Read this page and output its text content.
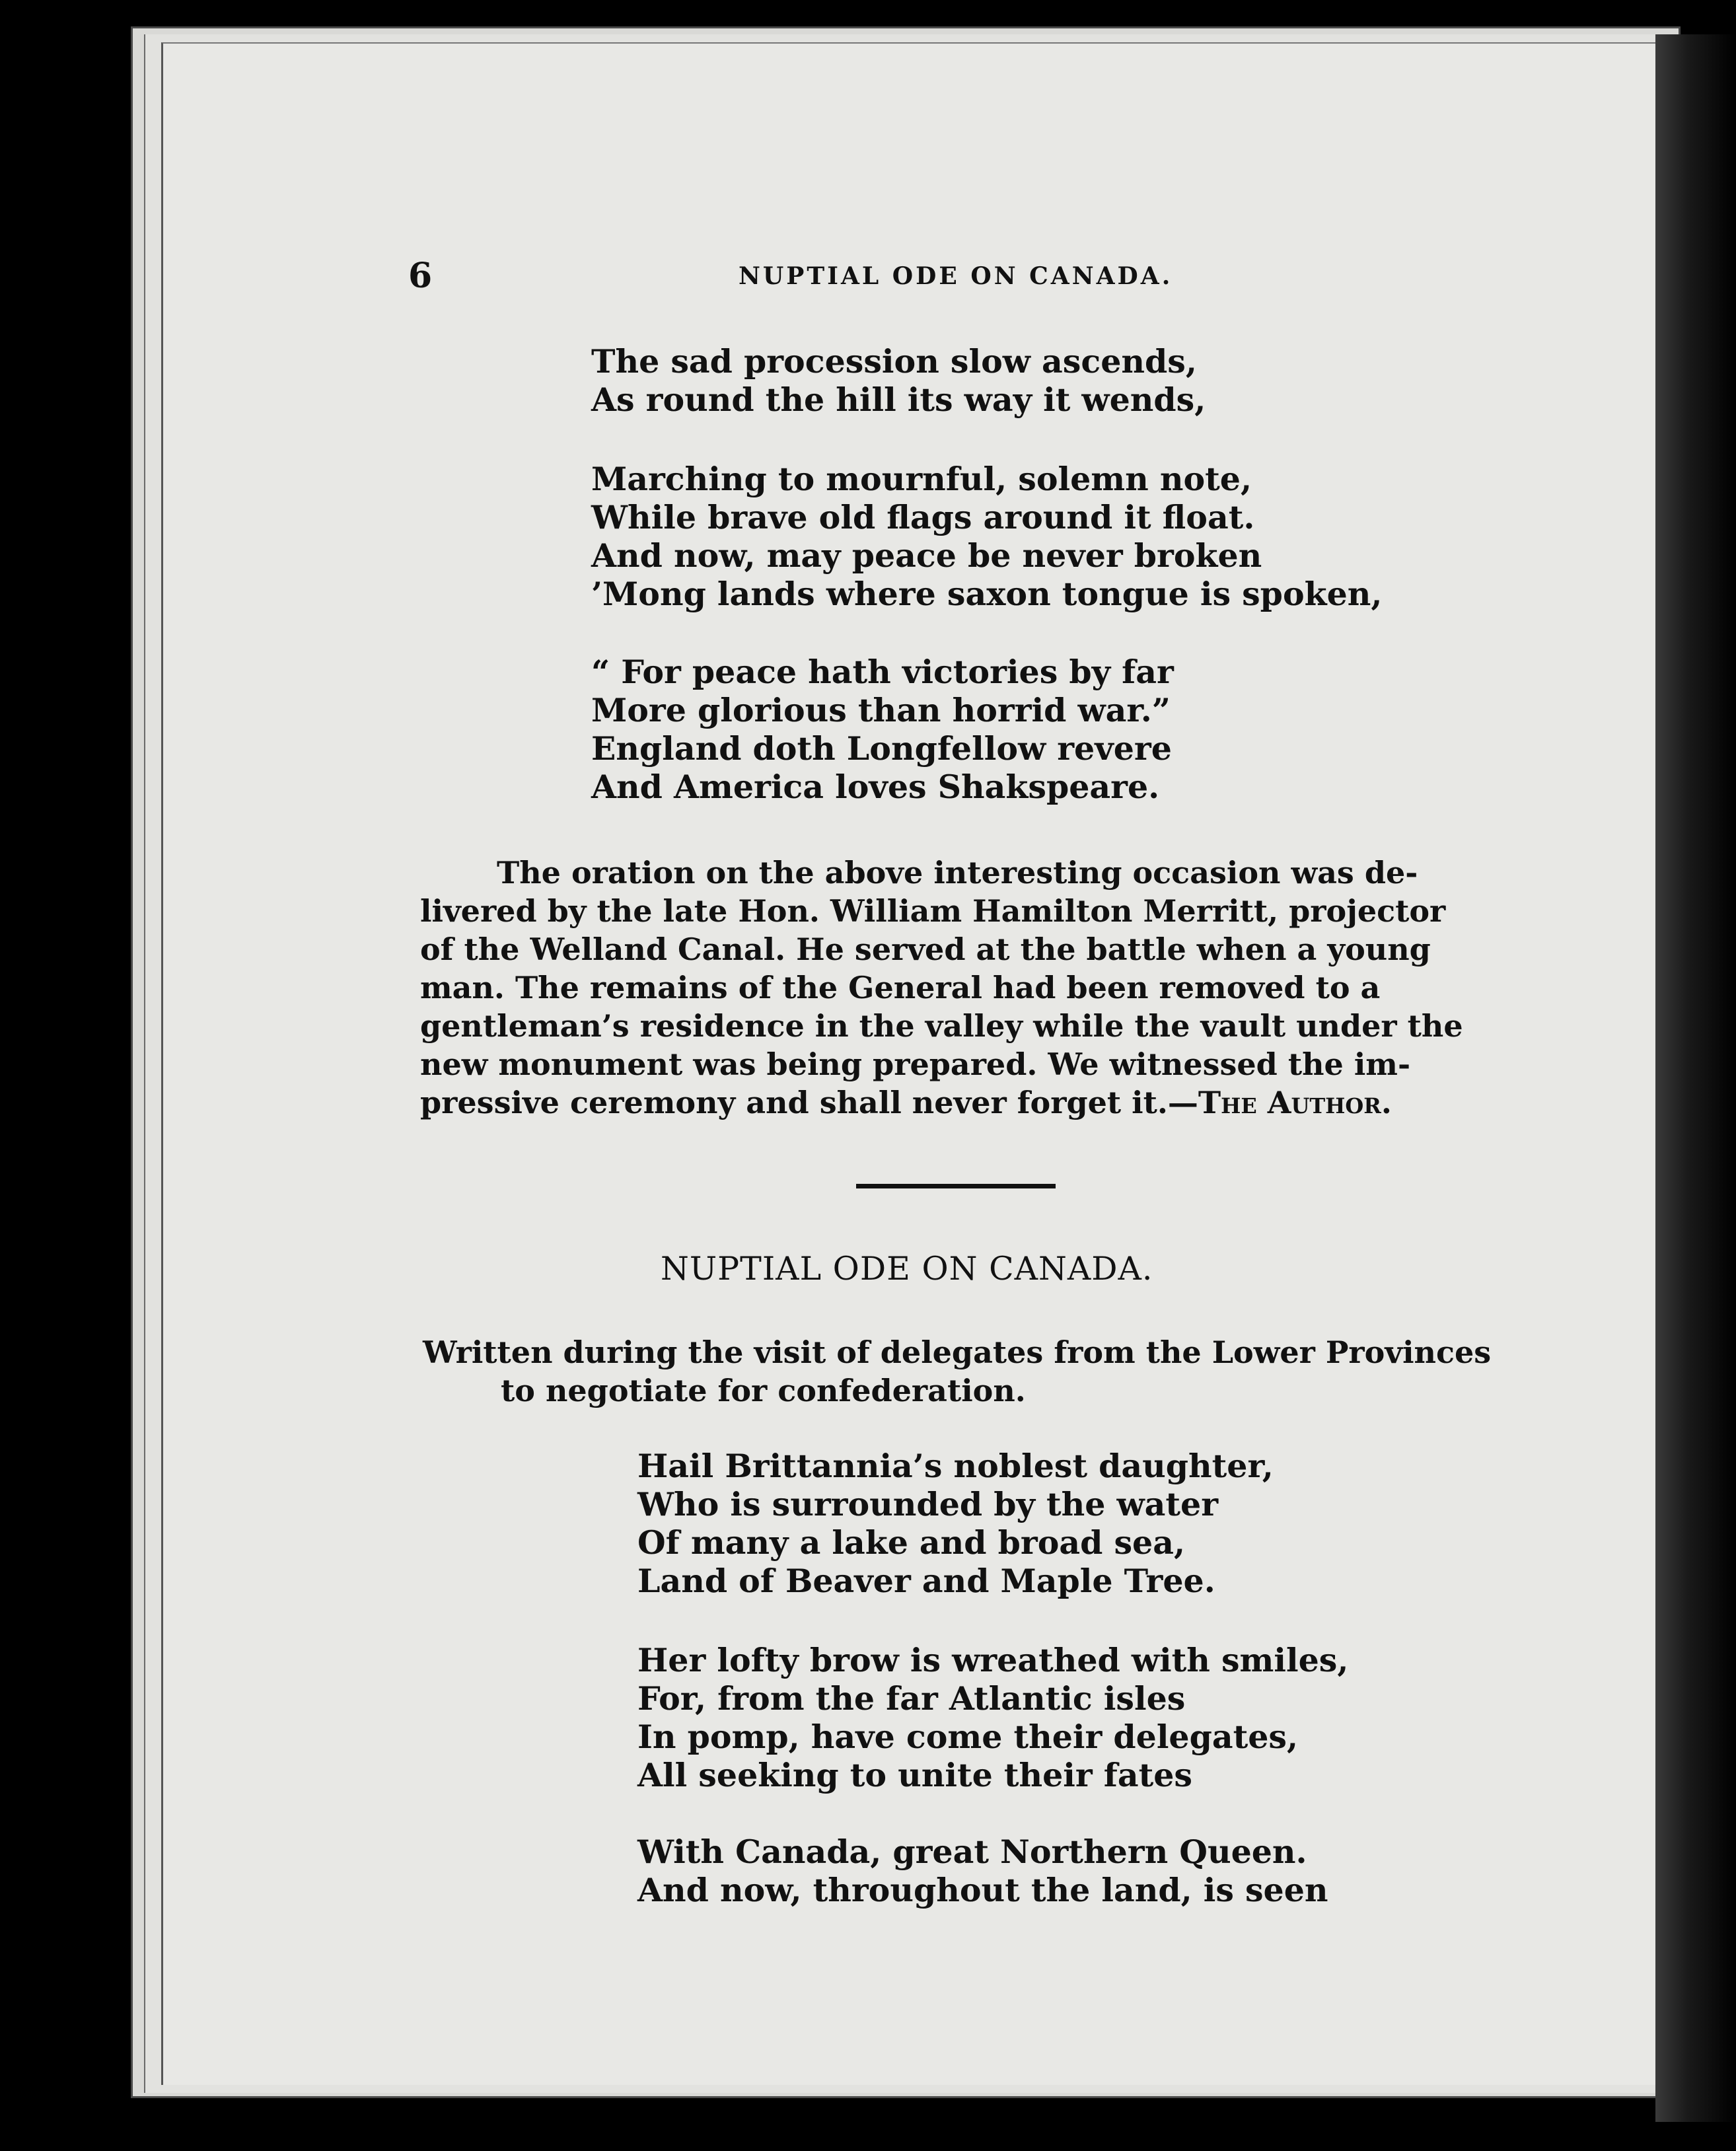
6	NUPTIAL ODE ON CANADA.
The sad procession slow ascends,
As round the hill its way it wends,
Marching to mournful, solemn note,
While brave old flags around it float.
And now, may peace be never broken
’Mong lands where saxon tongue is spoken,
“ For peace hath victories by far
More glorious than horrid war.”
England doth Longfellow revere
And America loves Shakspeare.
The oration on the above interesting occasion was de-
livered by the late Hon. William Hamilton Merritt, projector
of the Welland Canal. He served at the battle when a young
man. The remains of the General had been removed to a
gentleman’s residence in the valley while the vault under the
new monument was being prepared. We witnessed the im-
pressive ceremony and shall never forget it.—The Author.
NUPTIAL ODE ON CANADA.
Written during the visit of delegates from the Lower Provinces
to negotiate for confederation.
Hail Brittannia’s noblest daughter,
Who is surrounded by the water
Of many a lake and broad sea,
Land of Beaver and Maple Tree.
Her lofty brow is wreathed with smiles,
For, from the far Atlantic isles
In pomp, have come their delegates,
All seeking to unite their fates
With Canada, great Northern Queen.
And now, throughout the land, is seen
